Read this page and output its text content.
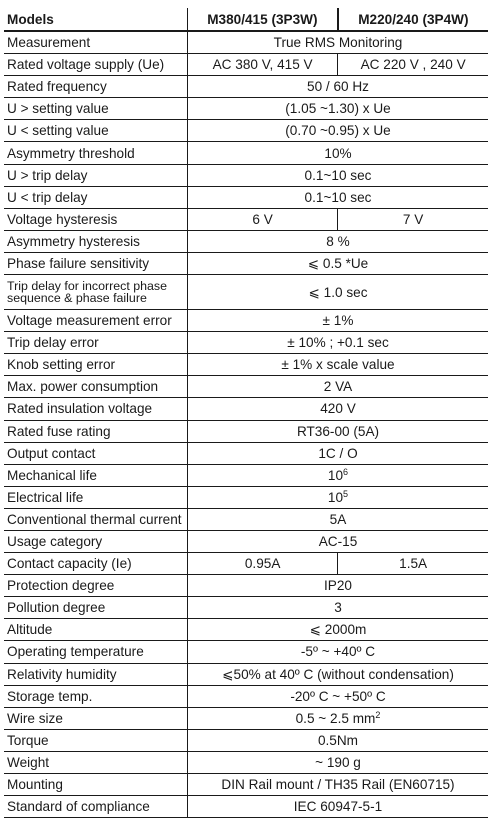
Models	M380/415 (3P3W)	M220/240 (3P4W)
Measurement	True RMS Monitoring	
Rated voltage supply (Ue)	AC 380 V, 415 V	AC 220 V , 240 V
Rated frequency	50 / 60 Hz	
U > setting value	(1.05 ~1.30) x Ue	
U < setting value	(0.70 ~0.95) x Ue	
Asymmetry threshold	10%	
U > trip delay	0.1~10 sec	
U < trip delay	0.1~10 sec	
Voltage hysteresis	6 V	7 V
Asymmetry hysteresis	8 %	
Phase failure sensitivity	⩽ 0.5 *Ue	

Trip delay for incorrect phase sequence & phase failure	⩽ 1.0 sec	
Voltage measurement error	± 1%	
Trip delay error	± 10% ; +0.1 sec	
Knob setting error	± 1% x scale value	
Max. power consumption	2 VA	
Rated insulation voltage	420 V	
Rated fuse rating	RT36-00 (5A)	
Output contact	1C / O	
Mechanical life	$10^6$
Electrical life	$10^5$
Conventional thermal current	5A	
Usage category	AC-15	
Contact capacity (Ie)	0.95A	1.5A
Protection degree	IP20	
Pollution degree	3	
Altitude	⩽ 2000m	
Operating temperature	-5º ~ +40º C	
Relativity humidity	⩽50% at 40º C (without condensation)	
Storage temp.	-20º C ~ +50º C	
Wire size	0.5 ~ 2.5 $mm^2$
Torque	0.5Nm	
Weight	~ 190 g	
Mounting	DIN Rail mount / TH35 Rail (EN60715)	
Standard of compliance	IEC 60947-5-1	
